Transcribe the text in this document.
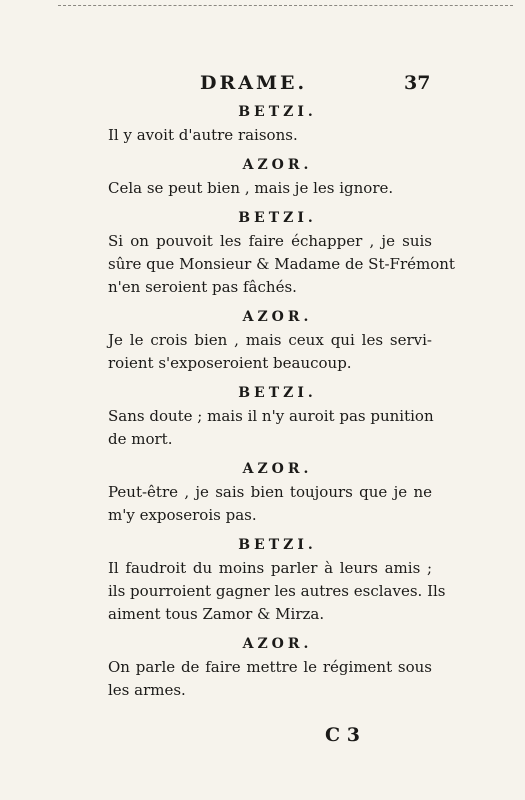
DRAME.	37
BETZI.
Il y avoit d'autre raisons.
AZOR.
Cela se peut bien , mais je les ignore.
BETZI.
Si on pouvoit les faire échapper , je suis
sûre que Monsieur & Madame de St-Frémont
n'en seroient pas fâchés.
AZOR.
Je le crois bien , mais ceux qui les servi-
roient s'exposeroient beaucoup.
BETZI.
Sans doute ; mais il n'y auroit pas punition
de mort.
AZOR.
Peut-être , je sais bien toujours que je ne
m'y exposerois pas.
BETZI.
Il faudroit du moins parler à leurs amis ;
ils pourroient gagner les autres esclaves. Ils
aiment tous Zamor & Mirza.
AZOR.
On parle de faire mettre le régiment sous
les armes.
C 3
